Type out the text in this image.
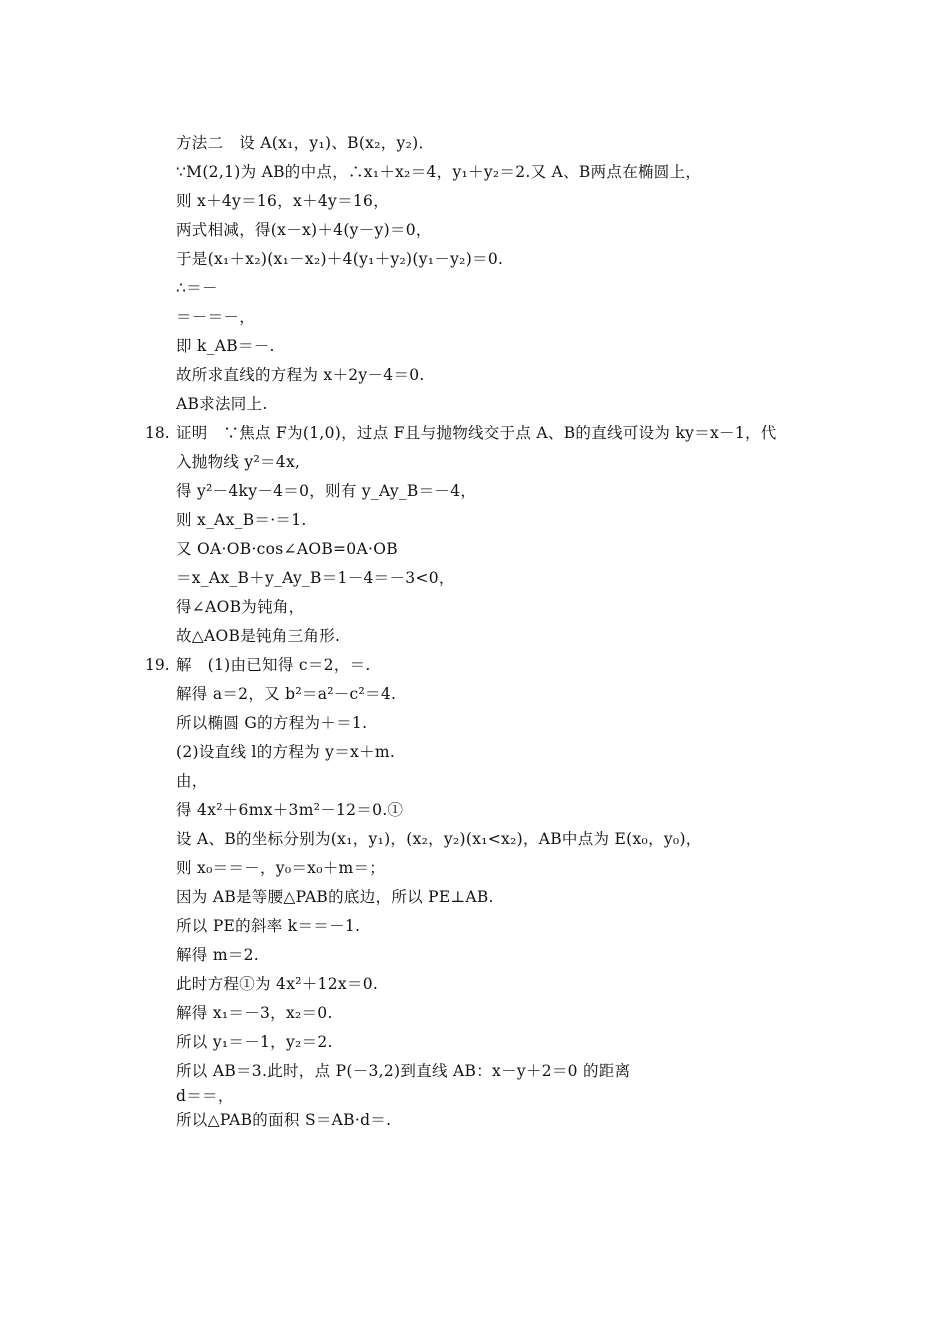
方法二　设 A(x₁，y₁)、B(x₂，y₂)．
∵M(2,1)为 AB的中点，∴x₁＋x₂＝4，y₁＋y₂＝2.又 A、B两点在椭圆上，
则 x＋4y＝16，x＋4y＝16，
两式相减，得(x－x)＋4(y－y)＝0，
于是(x₁＋x₂)(x₁－x₂)＋4(y₁＋y₂)(y₁－y₂)＝0.
∴＝－
＝－＝－，
即 k_AB＝－.
故所求直线的方程为 x＋2y－4＝0.
AB求法同上.
18. 证明　∵焦点 F为(1,0)，过点 F且与抛物线交于点 A、B的直线可设为 ky＝x－1，代
入抛物线 y²＝4x,
得 y²－4ky－4＝0，则有 y_Ay_B＝－4，
则 x_Ax_B＝·＝1.
又 OA·OB·cos∠AOB=0A·OB
＝x_Ax_B＋y_Ay_B＝1－4＝－3<0，
得∠AOB为钝角，
故△AOB是钝角三角形.
19. 解　(1)由已知得 c＝2，＝.
解得 a＝2，又 b²＝a²－c²＝4.
所以椭圆 G的方程为＋＝1.
(2)设直线 l的方程为 y＝x＋m.
由，
得 4x²＋6mx＋3m²－12＝0.①
设 A、B的坐标分别为(x₁，y₁)，(x₂，y₂)(x₁<x₂)，AB中点为 E(x₀，y₀)，
则 x₀＝＝－，y₀＝x₀＋m＝；
因为 AB是等腰△PAB的底边，所以 PE⊥AB.
所以 PE的斜率 k＝＝－1.
解得 m＝2.
此时方程①为 4x²＋12x＝0.
解得 x₁＝－3，x₂＝0.
所以 y₁＝－1，y₂＝2.
所以 AB＝3.此时，点 P(－3,2)到直线 AB：x－y＋2＝0 的距离
d＝＝，
所以△PAB的面积 S＝AB·d＝.
